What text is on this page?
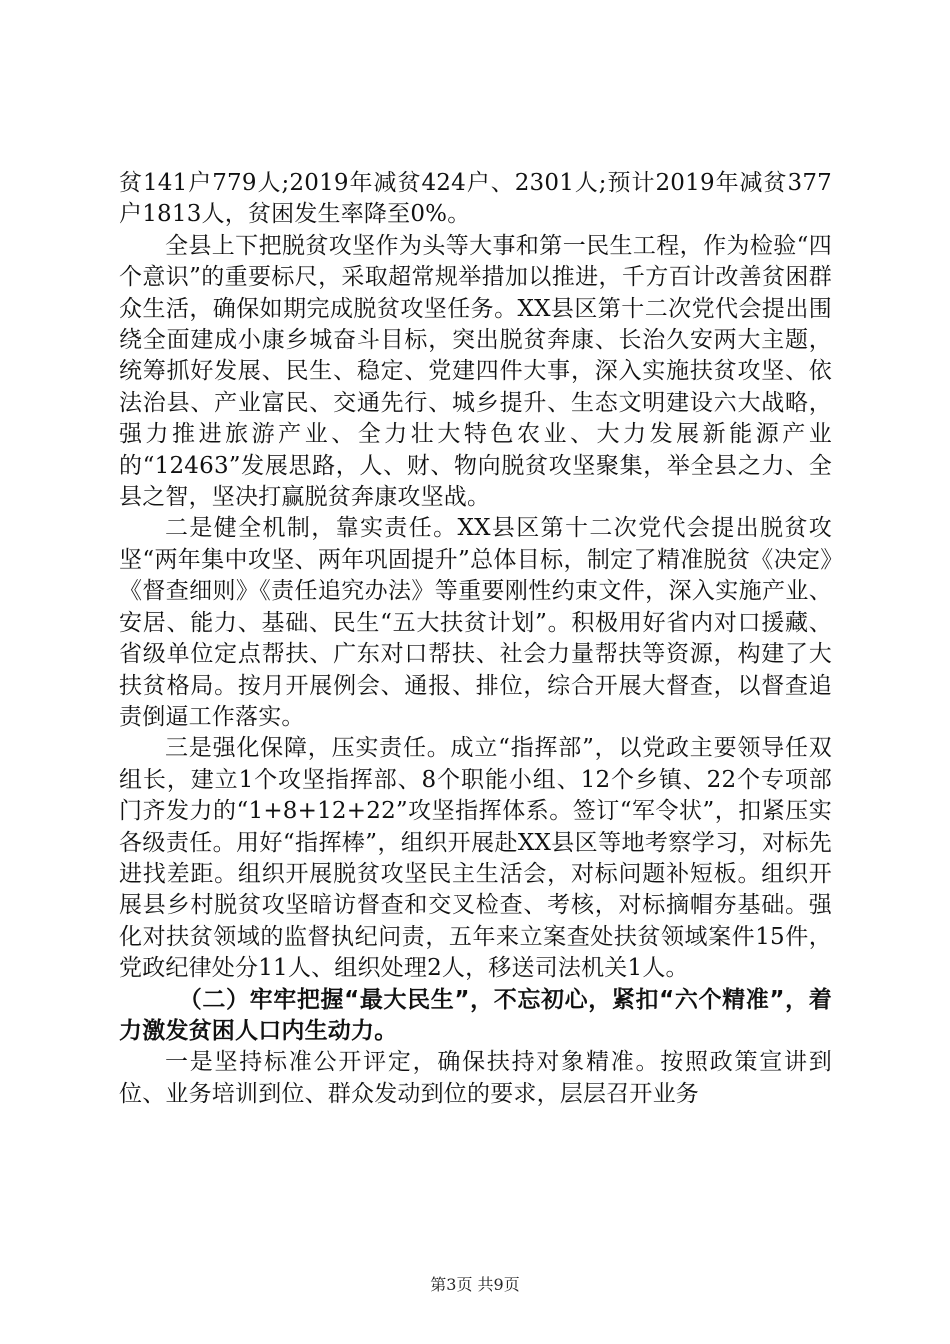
贫141户779人;2019年减贫424户、2301人;预计2019年减贫377户1813人，贫困发生率降至0%。

全县上下把脱贫攻坚作为头等大事和第一民生工程，作为检验“四个意识”的重要标尺，采取超常规举措加以推进，千方百计改善贫困群众生活，确保如期完成脱贫攻坚任务。XX县区第十二次党代会提出围绕全面建成小康乡城奋斗目标，突出脱贫奔康、长治久安两大主题，统筹抓好发展、民生、稳定、党建四件大事，深入实施扶贫攻坚、依法治县、产业富民、交通先行、城乡提升、生态文明建设六大战略，强力推进旅游产业、全力壮大特色农业、大力发展新能源产业的“12463”发展思路，人、财、物向脱贫攻坚聚集，举全县之力、全县之智，坚决打赢脱贫奔康攻坚战。

二是健全机制，靠实责任。XX县区第十二次党代会提出脱贫攻坚“两年集中攻坚、两年巩固提升”总体目标，制定了精准脱贫《决定》《督查细则》《责任追究办法》等重要刚性约束文件，深入实施产业、安居、能力、基础、民生“五大扶贫计划”。积极用好省内对口援藏、省级单位定点帮扶、广东对口帮扶、社会力量帮扶等资源，构建了大扶贫格局。按月开展例会、通报、排位，综合开展大督查，以督查追责倒逼工作落实。

三是强化保障，压实责任。成立“指挥部”，以党政主要领导任双组长，建立1个攻坚指挥部、8个职能小组、12个乡镇、22个专项部门齐发力的“1+8+12+22”攻坚指挥体系。签订“军令状”，扣紧压实各级责任。用好“指挥棒”，组织开展赴XX县区等地考察学习，对标先进找差距。组织开展脱贫攻坚民主生活会，对标问题补短板。组织开展县乡村脱贫攻坚暗访督查和交叉检查、考核，对标摘帽夯基础。强化对扶贫领域的监督执纪问责，五年来立案查处扶贫领域案件15件，党政纪律处分11人、组织处理2人，移送司法机关1人。

（二）牢牢把握“最大民生”，不忘初心，紧扣“六个精准”，着力激发贫困人口内生动力。

一是坚持标准公开评定，确保扶持对象精准。按照政策宣讲到位、业务培训到位、群众发动到位的要求，层层召开业务

第3页 共9页
